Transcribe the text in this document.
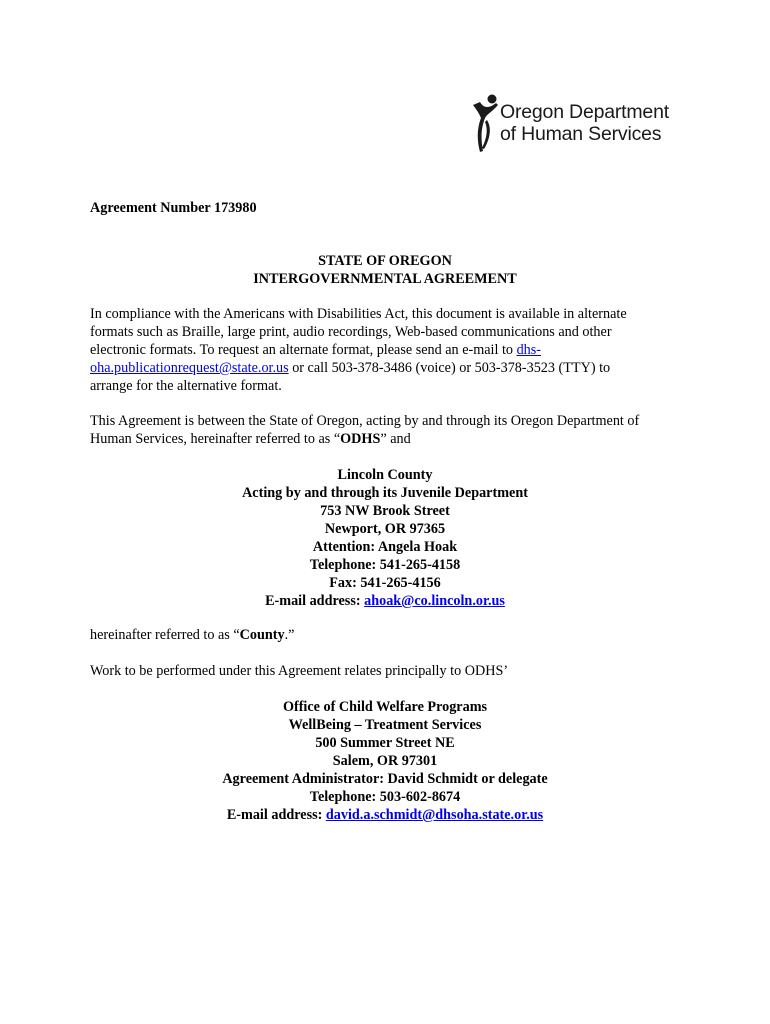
Oregon Department
of Human Services
Agreement Number 173980
STATE OF OREGON
INTERGOVERNMENTAL AGREEMENT
In compliance with the Americans with Disabilities Act, this document is available in alternate
formats such as Braille, large print, audio recordings, Web-based communications and other
electronic formats. To request an alternate format, please send an e-mail to dhs-
oha.publicationrequest@state.or.us or call 503-378-3486 (voice) or 503-378-3523 (TTY) to
arrange for the alternative format.
This Agreement is between the State of Oregon, acting by and through its Oregon Department of
Human Services, hereinafter referred to as “ODHS” and
Lincoln County
Acting by and through its Juvenile Department
753 NW Brook Street
Newport, OR 97365
Attention: Angela Hoak
Telephone: 541-265-4158
Fax: 541-265-4156
E-mail address: ahoak@co.lincoln.or.us
hereinafter referred to as “County.”
Work to be performed under this Agreement relates principally to ODHS’
Office of Child Welfare Programs
WellBeing – Treatment Services
500 Summer Street NE
Salem, OR 97301
Agreement Administrator: David Schmidt or delegate
Telephone: 503-602-8674
E-mail address: david.a.schmidt@dhsoha.state.or.us
